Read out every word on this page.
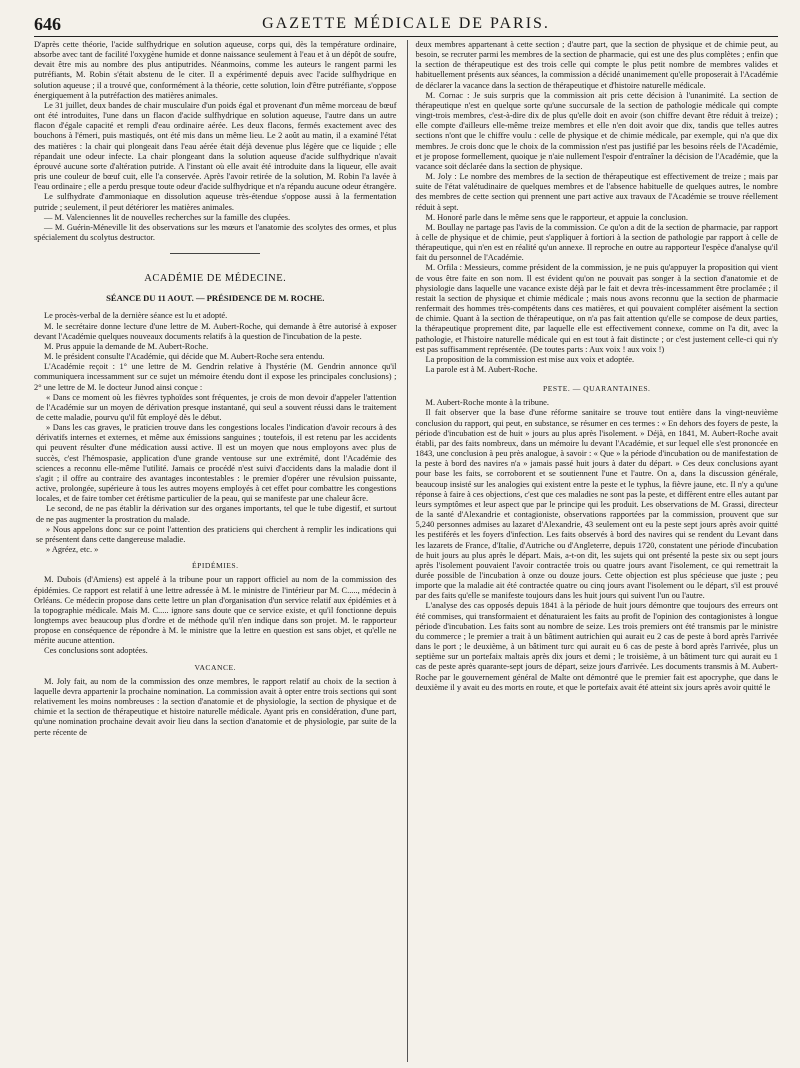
646	GAZETTE MÉDICALE DE PARIS.

D'après cette théorie, l'acide sulfhydrique en solution aqueuse, corps qui, dès la température ordinaire, absorbe avec tant de facilité l'oxygène humide et donne naissance seulement à l'eau et à un dépôt de soufre, devait être mis au nombre des plus antiputrides. Néanmoins, comme les auteurs le rangent parmi les putréfiants, M. Robin s'était abstenu de le citer. Il a expérimenté depuis avec l'acide sulfhydrique en solution aqueuse ; il a trouvé que, conformément à la théorie, cette solution, loin d'être putréfiante, s'oppose énergiquement à la putréfaction des matières animales.

Le 31 juillet, deux bandes de chair musculaire d'un poids égal et provenant d'un même morceau de bœuf ont été introduites, l'une dans un flacon d'acide sulfhydrique en solution aqueuse, l'autre dans un autre flacon d'égale capacité et rempli d'eau ordinaire aérée. Les deux flacons, fermés exactement avec des bouchons à l'émeri, puis mastiqués, ont été mis dans un même lieu. Le 2 août au matin, il a examiné l'état des matières : la chair qui plongeait dans l'eau aérée était déjà devenue plus légère que ce liquide ; elle répandait une odeur infecte. La chair plongeant dans la solution aqueuse d'acide sulfhydrique n'avait éprouvé aucune sorte d'altération putride. A l'instant où elle avait été introduite dans la liqueur, elle avait pris une couleur de bœuf cuit, elle l'a conservée. Après l'avoir retirée de la solution, M. Robin l'a lavée à l'eau ordinaire ; elle a perdu presque toute odeur d'acide sulfhydrique et n'a répandu aucune odeur étrangère.

Le sulfhydrate d'ammoniaque en dissolution aqueuse très-étendue s'oppose aussi à la fermentation putride ; seulement, il peut détériorer les matières animales.

— M. Valenciennes lit de nouvelles recherches sur la famille des clupées.

— M. Guérin-Méneville lit des observations sur les mœurs et l'anatomie des scolytes des ormes, et plus spécialement du scolytus destructor.

ACADÉMIE DE MÉDECINE.

SÉANCE DU 11 AOUT. — PRÉSIDENCE DE M. ROCHE.

Le procès-verbal de la dernière séance est lu et adopté.

M. le secrétaire donne lecture d'une lettre de M. Aubert-Roche, qui demande à être autorisé à exposer devant l'Académie quelques nouveaux documents relatifs à la question de l'incubation de la peste.

M. Prus appuie la demande de M. Aubert-Roche.

M. le président consulte l'Académie, qui décide que M. Aubert-Roche sera entendu.

L'Académie reçoit : 1° une lettre de M. Gendrin relative à l'hystérie (M. Gendrin annonce qu'il communiquera incessamment sur ce sujet un mémoire étendu dont il expose les principales conclusions) ; 2° une lettre de M. le docteur Junod ainsi conçue :

« Dans ce moment où les fièvres typhoïdes sont fréquentes, je crois de mon devoir d'appeler l'attention de l'Académie sur un moyen de dérivation presque instantané, qui seul a souvent réussi dans le traitement de cette maladie, pourvu qu'il fût employé dès le début.

» Dans les cas graves, le praticien trouve dans les congestions locales l'indication d'avoir recours à des dérivatifs internes et externes, et même aux émissions sanguines ; toutefois, il est retenu par les accidents qui peuvent résulter d'une médication aussi active. Il est un moyen que nous employons avec plus de succès, c'est l'hémospasie, application d'une grande ventouse sur une extrémité, dont l'Académie des sciences a reconnu elle-même l'utilité. Jamais ce procédé n'est suivi d'accidents dans la maladie dont il s'agit ; il offre au contraire des avantages incontestables : le premier d'opérer une révulsion puissante, active, prolongée, supérieure à tous les autres moyens employés à cet effet pour combattre les congestions locales, et de faire tomber cet érétisme particulier de la peau, qui se manifeste par une chaleur âcre.

Le second, de ne pas établir la dérivation sur des organes importants, tel que le tube digestif, et surtout de ne pas augmenter la prostration du malade.

» Nous appelons donc sur ce point l'attention des praticiens qui cherchent à remplir les indications qui se présentent dans cette dangereuse maladie.

» Agréez, etc. »

ÉPIDÉMIES.

M. Dubois (d'Amiens) est appelé à la tribune pour un rapport officiel au nom de la commission des épidémies. Ce rapport est relatif à une lettre adressée à M. le ministre de l'intérieur par M. C....., médecin à Orléans. Ce médecin propose dans cette lettre un plan d'organisation d'un service relatif aux épidémies et à la topographie médicale. Mais M. C..... ignore sans doute que ce service existe, et qu'il fonctionne depuis longtemps avec beaucoup plus d'ordre et de méthode qu'il n'en indique dans son projet. M. le rapporteur propose en conséquence de répondre à M. le ministre que la lettre en question est sans objet, et qu'elle ne mérite aucune attention.

Ces conclusions sont adoptées.

VACANCE.

M. Joly fait, au nom de la commission des onze membres, le rapport relatif au choix de la section à laquelle devra appartenir la prochaine nomination. La commission avait à opter entre trois sections qui sont relativement les moins nombreuses : la section d'anatomie et de physiologie, la section de physique et de chimie et la section de thérapeutique et histoire naturelle médicale. Ayant pris en considération, d'une part, qu'une nomination prochaine devait avoir lieu dans la section d'anatomie et de physiologie, par suite de la perte récente de

deux membres appartenant à cette section ; d'autre part, que la section de physique et de chimie peut, au besoin, se recruter parmi les membres de la section de pharmacie, qui est une des plus complètes ; enfin que la section de thérapeutique est des trois celle qui compte le plus petit nombre de membres valides et habituellement présents aux séances, la commission a décidé unanimement qu'elle proposerait à l'Académie de déclarer la vacance dans la section de thérapeutique et d'histoire naturelle médicale.

M. Cornac : Je suis surpris que la commission ait pris cette décision à l'unanimité. La section de thérapeutique n'est en quelque sorte qu'une succursale de la section de pathologie médicale qui compte vingt-trois membres, c'est-à-dire dix de plus qu'elle doit en avoir (son chiffre devant être réduit à treize) ; elle compte d'ailleurs elle-même treize membres et elle n'en doit avoir que dix, tandis que telles autres sections n'ont que le chiffre voulu : celle de physique et de chimie médicale, par exemple, qui n'a que dix membres. Je crois donc que le choix de la commission n'est pas justifié par les besoins réels de l'Académie, et je propose formellement, quoique je n'aie nullement l'espoir d'entraîner la décision de l'Académie, que la vacance soit déclarée dans la section de physique.

M. Joly : Le nombre des membres de la section de thérapeutique est effectivement de treize ; mais par suite de l'état valétudinaire de quelques membres et de l'absence habituelle de quelques autres, le nombre des membres de cette section qui prennent une part active aux travaux de l'Académie se trouve réellement réduit à sept.

M. Honoré parle dans le même sens que le rapporteur, et appuie la conclusion.

M. Boullay ne partage pas l'avis de la commission. Ce qu'on a dit de la section de pharmacie, par rapport à celle de physique et de chimie, peut s'appliquer à fortiori à la section de pathologie par rapport à celle de thérapeutique, qui n'en est en réalité qu'un annexe. Il reproche en outre au rapporteur l'espèce d'analyse qu'il fait du personnel de l'Académie.

M. Orfila : Messieurs, comme président de la commission, je ne puis qu'appuyer la proposition qui vient de vous être faite en son nom. Il est évident qu'on ne pouvait pas songer à la section d'anatomie et de physiologie dans laquelle une vacance existe déjà par le fait et devra très-incessamment être proclamée ; il restait la section de physique et chimie médicale ; mais nous avons reconnu que la section de pharmacie renfermait des hommes très-compétents dans ces matières, et qui pouvaient compléter aisément la section de chimie. Quant à la section de thérapeutique, on n'a pas fait attention qu'elle se compose de deux parties, la thérapeutique proprement dite, par laquelle elle est effectivement connexe, comme on l'a dit, avec la pathologie, et l'histoire naturelle médicale qui en est tout à fait distincte ; or c'est justement celle-ci qui n'y est pas suffisamment représentée. (De toutes parts : Aux voix ! aux voix !)

La proposition de la commission est mise aux voix et adoptée.

La parole est à M. Aubert-Roche.

PESTE. — QUARANTAINES.

M. Aubert-Roche monte à la tribune.

Il fait observer que la base d'une réforme sanitaire se trouve tout entière dans la vingt-neuvième conclusion du rapport, qui peut, en substance, se résumer en ces termes : « En dehors des foyers de peste, la période d'incubation est de huit » jours au plus après l'isolement. » Déjà, en 1841, M. Aubert-Roche avait établi, par des faits nombreux, dans un mémoire lu devant l'Académie, et sur lequel elle s'est prononcée en 1843, une conclusion à peu près analogue, à savoir : « Que » la période d'incubation ou de manifestation de la peste à bord des navires n'a » jamais passé huit jours à dater du départ. » Ces deux conclusions ayant pour base les faits, se corroborent et se soutiennent l'une et l'autre. On a, dans la discussion générale, beaucoup insisté sur les analogies qui existent entre la peste et le typhus, la fièvre jaune, etc. Il n'y a qu'une réponse à faire à ces objections, c'est que ces maladies ne sont pas la peste, et diffèrent entre elles autant par leurs symptômes et leur aspect que par le principe qui les produit. Les observations de M. Grassi, directeur de la santé d'Alexandrie et contagioniste, observations rapportées par la commission, prouvent que sur 5,240 personnes admises au lazaret d'Alexandrie, 43 seulement ont eu la peste sept jours après avoir quitté les pestiférés et les foyers d'infection. Les faits observés à bord des navires qui se rendent du Levant dans les lazarets de France, d'Italie, d'Autriche ou d'Angleterre, depuis 1720, constatent une période d'incubation de huit jours au plus après le départ. Mais, a-t-on dit, les sujets qui ont présenté la peste six ou sept jours après l'isolement pouvaient l'avoir contractée trois ou quatre jours avant l'isolement, ce qui remettrait la durée possible de l'incubation à onze ou douze jours. Cette objection est plus spécieuse que juste ; peu importe que la maladie ait été contractée quatre ou cinq jours avant l'isolement ou le départ, s'il est prouvé par des faits qu'elle se manifeste toujours dans les huit jours qui suivent l'un ou l'autre.

L'analyse des cas opposés depuis 1841 à la période de huit jours démontre que toujours des erreurs ont été commises, qui transformaient et dénaturaient les faits au profit de l'opinion des contagionistes à longue période d'incubation. Les faits sont au nombre de seize. Les trois premiers ont été transmis par le ministre du commerce ; le premier a trait à un bâtiment autrichien qui aurait eu 2 cas de peste à bord après l'arrivée dans le port ; le deuxième, à un bâtiment turc qui aurait eu 6 cas de peste à bord après l'arrivée, plus un septième sur un portefaix maltais après dix jours et demi ; le troisième, à un bâtiment turc qui aurait eu 1 cas de peste après quarante-sept jours de départ, seize jours d'arrivée. Les documents transmis à M. Aubert-Roche par le gouvernement général de Malte ont démontré que le premier fait est apocryphe, que dans le deuxième il y avait eu des morts en route, et que le portefaix avait été atteint six jours après avoir quitté le
